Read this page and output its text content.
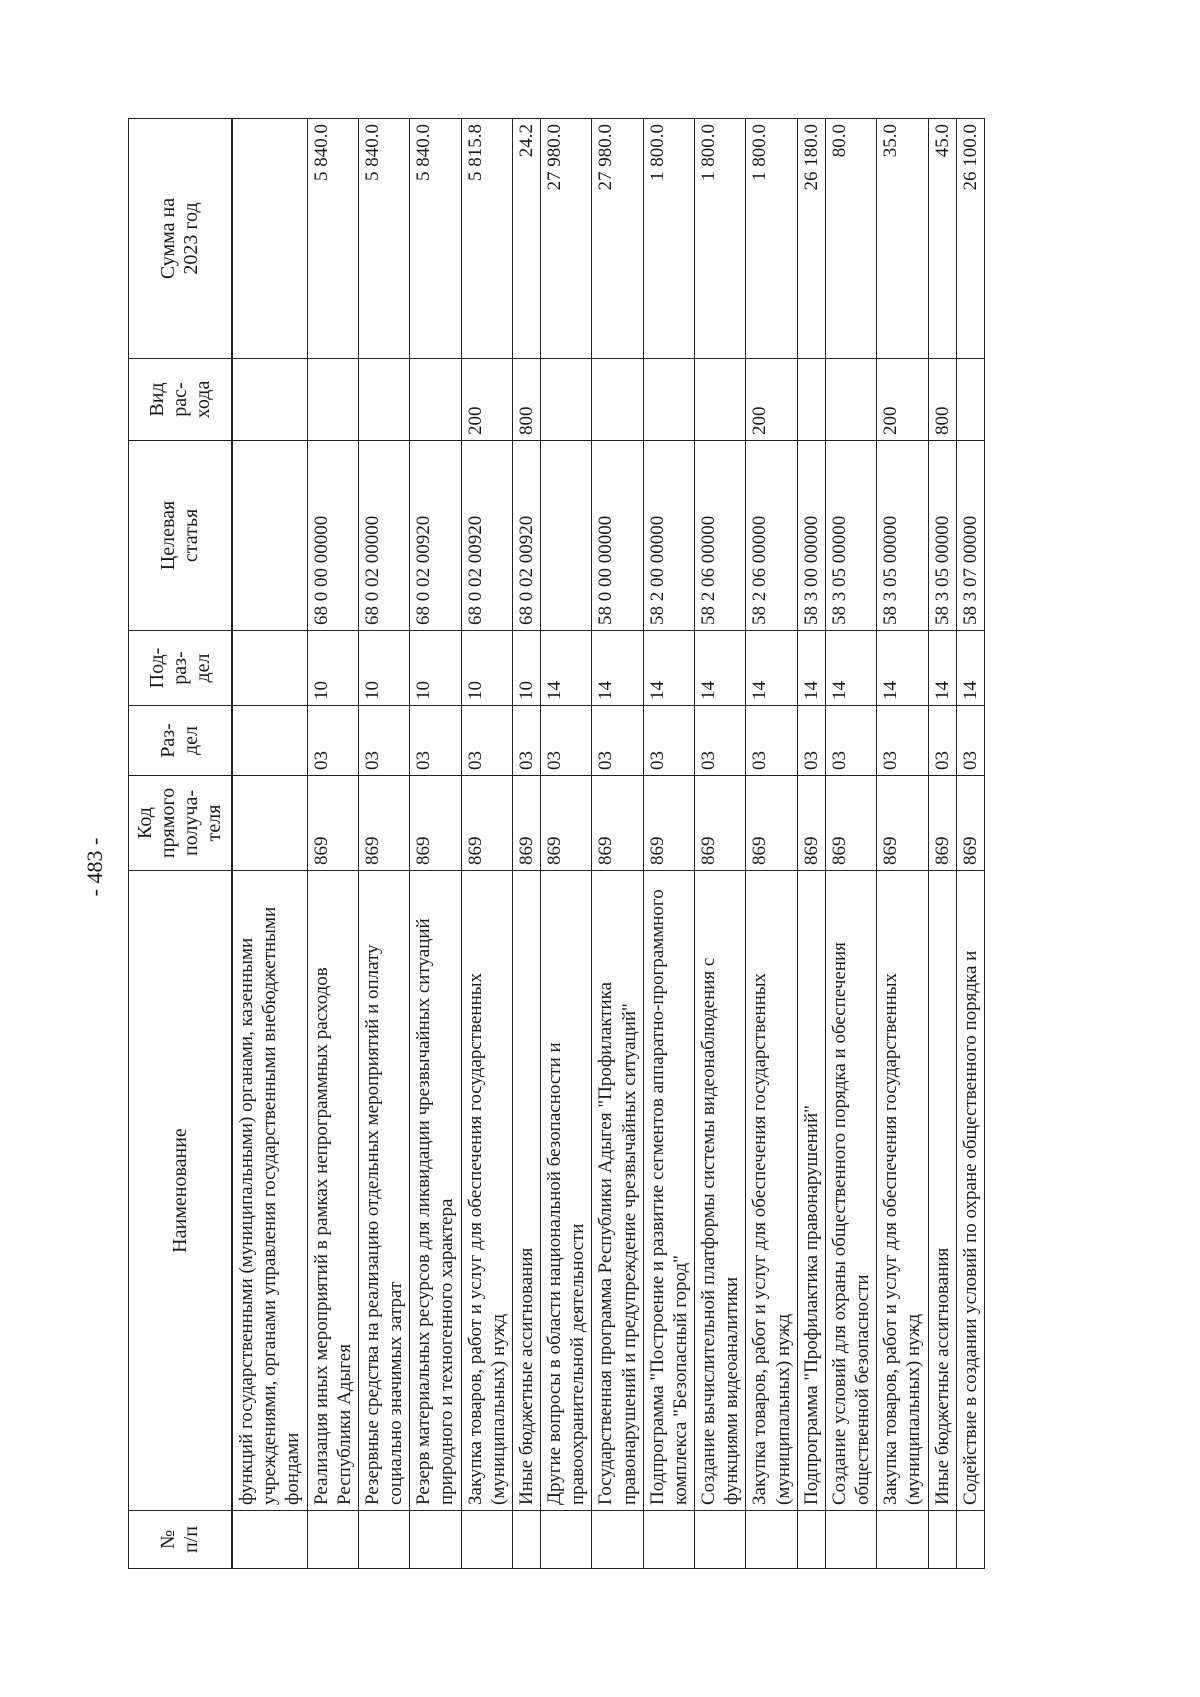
- 483 -
№ п/п	Наименование	Код прямого получа- теля	Раз- дел	Под- раз- дел	Целевая статья	Вид рас- хода	Сумма на 2023 год

	функций государственными (муниципальными) органами, казенными учреждениями, органами управления государственными внебюджетными фондами						
	Реализация иных мероприятий в рамках непрограммных расходов Республики Адыгея	869	03	10	68 0 00 00000		5 840.0
	Резервные средства на реализацию отдельных мероприятий и оплату социально значимых затрат	869	03	10	68 0 02 00000		5 840.0
	Резерв материальных ресурсов для ликвидации чрезвычайных ситуаций природного и техногенного характера	869	03	10	68 0 02 00920		5 840.0
	Закупка товаров, работ и услуг для обеспечения государственных (муниципальных) нужд	869	03	10	68 0 02 00920	200	5 815.8
	Иные бюджетные ассигнования	869	03	10	68 0 02 00920	800	24.2
	Другие вопросы в области национальной безопасности и правоохранительной деятельности	869	03	14			27 980.0
	Государственная программа Республики Адыгея "Профилактика правонарушений и предупреждение чрезвычайных ситуаций"	869	03	14	58 0 00 00000		27 980.0
	Подпрограмма "Построение и развитие сегментов аппаратно-программного комплекса "Безопасный город"	869	03	14	58 2 00 00000		1 800.0
	Создание вычислительной платформы системы видеонаблюдения с функциями видеоаналитики	869	03	14	58 2 06 00000		1 800.0
	Закупка товаров, работ и услуг для обеспечения государственных (муниципальных) нужд	869	03	14	58 2 06 00000	200	1 800.0
	Подпрограмма "Профилактика правонарушений"	869	03	14	58 3 00 00000		26 180.0
	Создание условий для охраны общественного порядка и обеспечения общественной безопасности	869	03	14	58 3 05 00000		80.0
	Закупка товаров, работ и услуг для обеспечения государственных (муниципальных) нужд	869	03	14	58 3 05 00000	200	35.0
	Иные бюджетные ассигнования	869	03	14	58 3 05 00000	800	45.0
	Содействие в создании условий по охране общественного порядка и	869	03	14	58 3 07 00000		26 100.0
